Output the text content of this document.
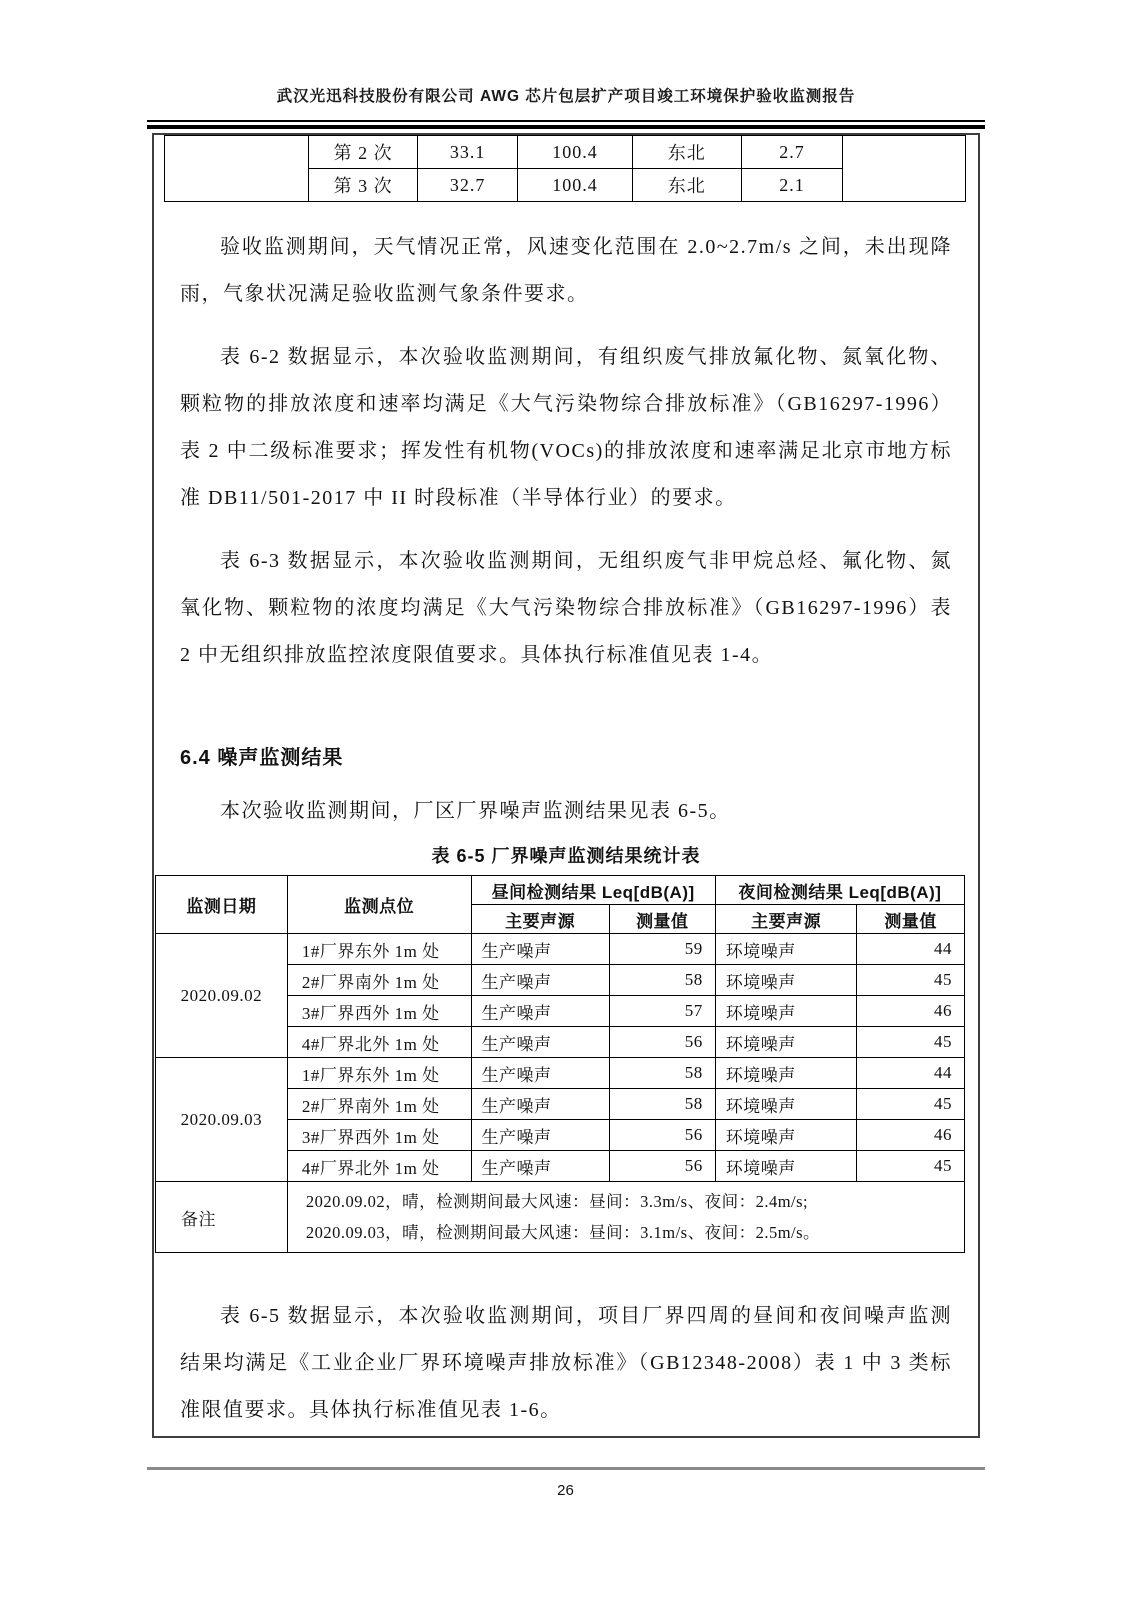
武汉光迅科技股份有限公司 AWG 芯片包层扩产项目竣工环境保护验收监测报告
	第 2 次	33.1	100.4	东北	2.7	
	第 3 次	32.7	100.4	东北	2.1	

验收监测期间，天气情况正常，风速变化范围在 2.0~2.7m/s 之间，未出现降雨，气象状况满足验收监测气象条件要求。

表 6-2 数据显示，本次验收监测期间，有组织废气排放氟化物、氮氧化物、颗粒物的排放浓度和速率均满足《大气污染物综合排放标准》（GB16297-1996）表 2 中二级标准要求；挥发性有机物(VOCs)的排放浓度和速率满足北京市地方标准 DB11/501-2017 中 II 时段标准（半导体行业）的要求。

表 6-3 数据显示，本次验收监测期间，无组织废气非甲烷总烃、氟化物、氮氧化物、颗粒物的浓度均满足《大气污染物综合排放标准》（GB16297-1996）表 2 中无组织排放监控浓度限值要求。具体执行标准值见表 1-4。

6.4 噪声监测结果

本次验收监测期间，厂区厂界噪声监测结果见表 6-5。

表 6-5 厂界噪声监测结果统计表
监测日期	监测点位	昼间检测结果 Leq[dB(A)]		夜间检测结果 Leq[dB(A)]	
		主要声源	测量值	主要声源	测量值
2020.09.02	1#厂界东外 1m 处	生产噪声	59	环境噪声	44
	2#厂界南外 1m 处	生产噪声	58	环境噪声	45
	3#厂界西外 1m 处	生产噪声	57	环境噪声	46
	4#厂界北外 1m 处	生产噪声	56	环境噪声	45
2020.09.03	1#厂界东外 1m 处	生产噪声	58	环境噪声	44
	2#厂界南外 1m 处	生产噪声	58	环境噪声	45
	3#厂界西外 1m 处	生产噪声	56	环境噪声	46
	4#厂界北外 1m 处	生产噪声	56	环境噪声	45
备注	2020.09.02，晴，检测期间最大风速：昼间：3.3m/s、夜间：2.4m/s;
2020.09.03，晴，检测期间最大风速：昼间：3.1m/s、夜间：2.5m/s。				

表 6-5 数据显示，本次验收监测期间，项目厂界四周的昼间和夜间噪声监测结果均满足《工业企业厂界环境噪声排放标准》（GB12348-2008）表 1 中 3 类标准限值要求。具体执行标准值见表 1-6。

26
